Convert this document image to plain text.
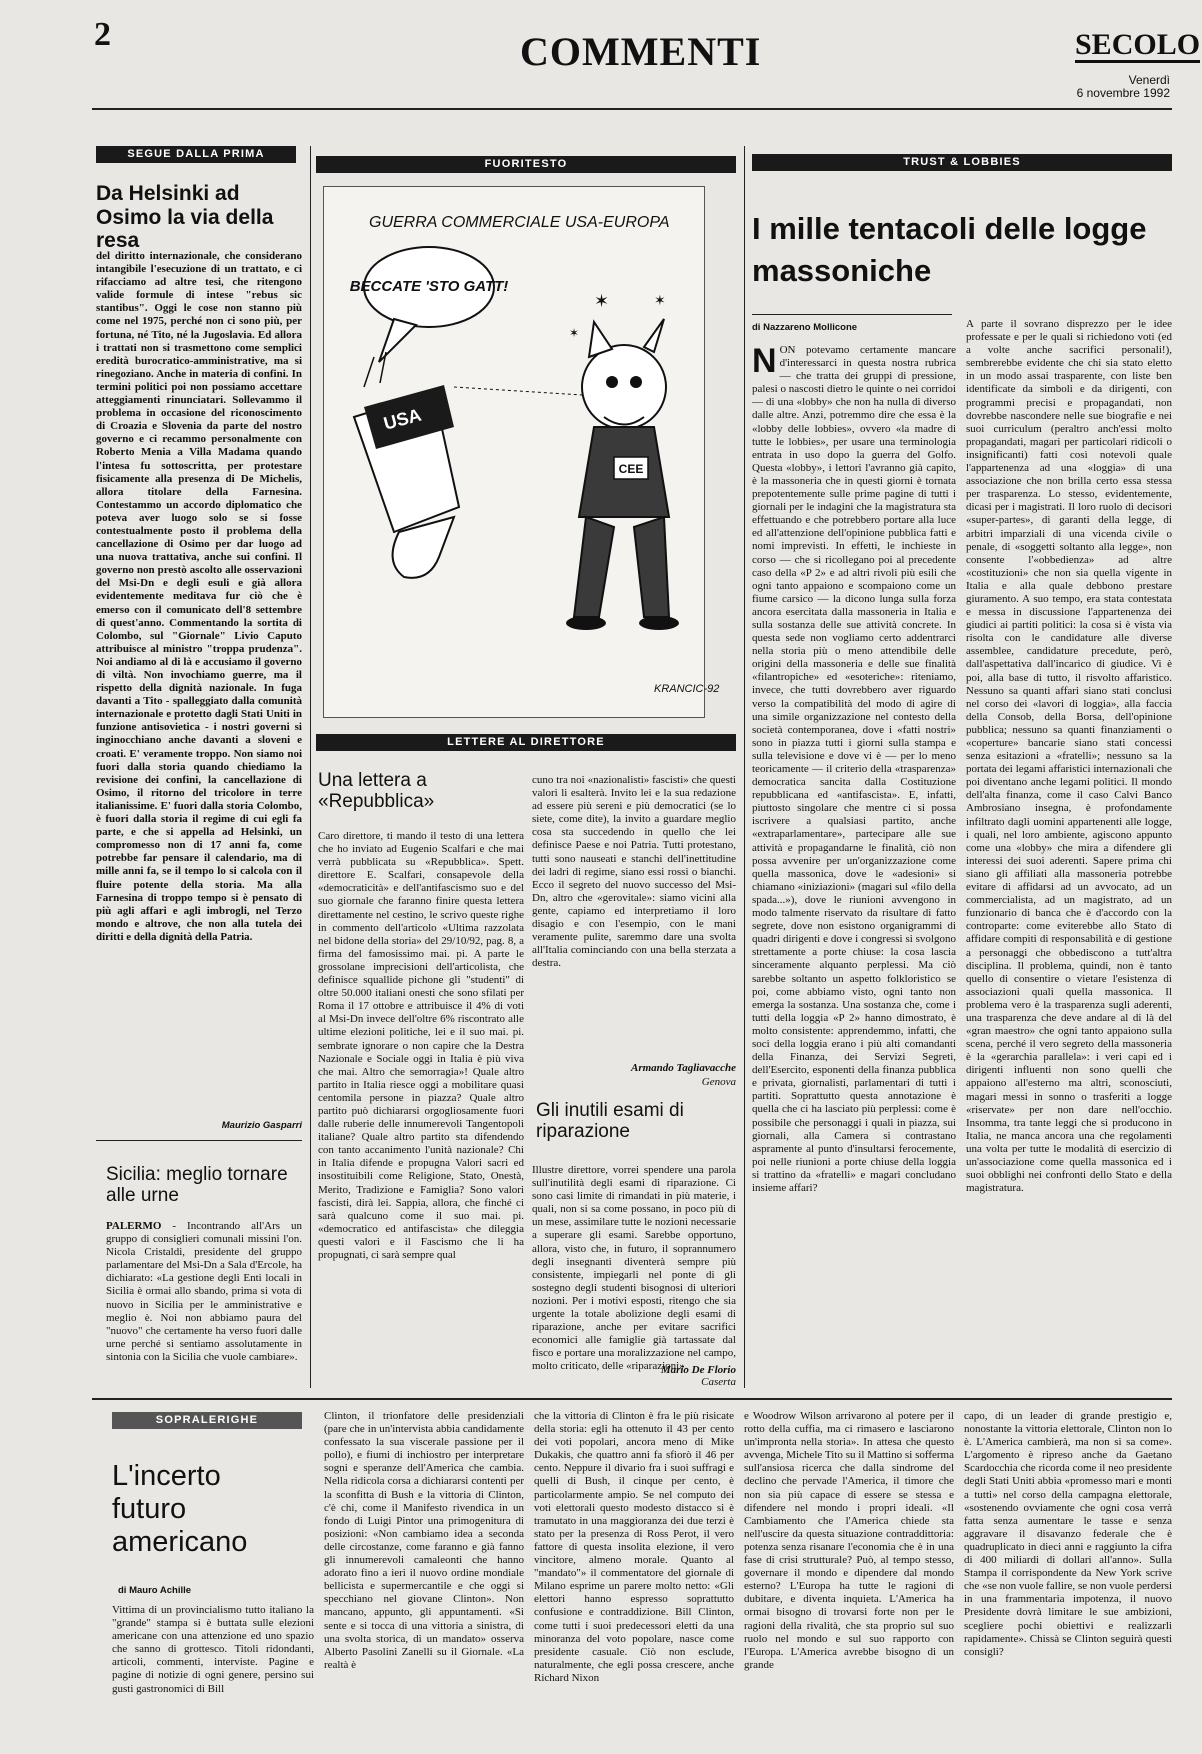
2	COMMENTI	SECOLO
Venerdì
6 novembre 1992
SEGUE DALLA PRIMA
Da Helsinki ad Osimo la via della resa
del diritto internazionale, che considerano intangibile l'esecuzione di un trattato, e ci rifacciamo ad altre tesi, che ritengono valide formule di intese "rebus sic stantibus". Oggi le cose non stanno più come nel 1975, perché non ci sono più, per fortuna, né Tito, né la Jugoslavia. Ed allora i trattati non si trasmettono come semplici eredità burocratico-amministrative, ma si rinegoziano. Anche in materia di confini. In termini politici poi non possiamo accettare atteggiamenti rinunciatari. Sollevammo il problema in occasione del riconoscimento di Croazia e Slovenia da parte del nostro governo e ci recammo personalmente con Roberto Menia a Villa Madama quando l'intesa fu sottoscritta, per protestare fisicamente alla presenza di De Michelis, allora titolare della Farnesina. Contestammo un accordo diplomatico che poteva aver luogo solo se si fosse contestualmente posto il problema della cancellazione di Osimo per dar luogo ad una nuova trattativa, anche sui confini. Il governo non prestò ascolto alle osservazioni del Msi-Dn e degli esuli e già allora evidentemente meditava fur ciò che è emerso con il comunicato dell'8 settembre di quest'anno. Commentando la sortita di Colombo, sul "Giornale" Livio Caputo attribuisce al ministro "troppa prudenza". Noi andiamo al di là e accusiamo il governo di viltà. Non invochiamo guerre, ma il rispetto della dignità nazionale. In fuga davanti a Tito - spalleggiato dalla comunità internazionale e protetto dagli Stati Uniti in funzione antisovietica - i nostri governi si inginocchiano anche davanti a sloveni e croati. E' veramente troppo. Non siamo noi fuori dalla storia quando chiediamo la revisione dei confini, la cancellazione di Osimo, il ritorno del tricolore in terre italianissime. E' fuori dalla storia Colombo, è fuori dalla storia il regime di cui egli fa parte, e che si appella ad Helsinki, un compromesso non di 17 anni fa, come potrebbe far pensare il calendario, ma di mille anni fa, se il tempo lo si calcola con il fluire potente della storia. Ma alla Farnesina di troppo tempo si è pensato di più agli affari e agli imbrogli, nel Terzo mondo e altrove, che non alla tutela dei diritti e della dignità della Patria.
Maurizio Gasparri
Sicilia: meglio tornare alle urne
PALERMO - Incontrando all'Ars un gruppo di consiglieri comunali missini l'on. Nicola Cristaldi, presidente del gruppo parlamentare del Msi-Dn a Sala d'Ercole, ha dichiarato: «La gestione degli Enti locali in Sicilia è ormai allo sbando, prima si vota di nuovo in Sicilia per le amministrative e meglio è. Noi non abbiamo paura del "nuovo" che certamente ha verso fuori dalle urne perché si sentiamo assolutamente in sintonia con la Sicilia che vuole cambiare».
FUORITESTO
GUERRA COMMERCIALE USA-EUROPA
BECCATE 'STO GATT!
USA
✶	✶
✶
CEE
KRANCIC-92
LETTERE AL DIRETTORE
Una lettera a «Repubblica»
Caro direttore, ti mando il testo di una lettera che ho inviato ad Eugenio Scalfari e che mai verrà pubblicata su «Repubblica». Spett. direttore E. Scalfari, consapevole della «democraticità» e dell'antifascismo suo e del suo giornale che faranno finire questa lettera direttamente nel cestino, le scrivo queste righe in commento dell'articolo «Ultima razzolata nel bidone della storia» del 29/10/92, pag. 8, a firma del famosissimo mai. pi. A parte le grossolane imprecisioni dell'articolista, che definisce squallide pichone gli "studenti" di oltre 50.000 italiani onesti che sono sfilati per Roma il 17 ottobre e attribuisce il 4% di voti al Msi-Dn invece dell'oltre 6% riscontrato alle ultime elezioni politiche, lei e il suo mai. pi. sembrate ignorare o non capire che la Destra Nazionale e Sociale oggi in Italia è più viva che mai. Altro che semorragia»! Quale altro partito in Italia riesce oggi a mobilitare quasi centomila persone in piazza? Quale altro partito può dichiararsi orgogliosamente fuori dalle ruberie delle innumerevoli Tangentopoli italiane? Quale altro partito sta difendendo con tanto accanimento l'unità nazionale? Chi in Italia difende e propugna Valori sacri ed insostituibili come Religione, Stato, Onestà, Merito, Tradizione e Famiglia? Sono valori fascisti, dirà lei. Sappia, allora, che finché ci sarà qualcuno come il suo mai. pi. «democratico ed antifascista» che dileggia questi valori e il Fascismo che li ha propugnati, ci sarà sempre qual
cuno tra noi «nazionalisti» fascisti» che questi valori li esalterà. Invito lei e la sua redazione ad essere più sereni e più democratici (se lo siete, come dite), la invito a guardare meglio cosa sta succedendo in quello che lei definisce Paese e noi Patria. Tutti protestano, tutti sono nauseati e stanchi dell'inettitudine dei ladri di regime, siano essi rossi o bianchi. Ecco il segreto del nuovo successo del Msi-Dn, altro che «gerovitale»: siamo vicini alla gente, capiamo ed interpretiamo il loro disagio e con l'esempio, con le mani veramente pulite, saremmo dare una svolta all'Italia cominciando con una bella sterzata a destra.
Armando Tagliavacche
Genova
Gli inutili esami di riparazione
Illustre direttore, vorrei spendere una parola sull'inutilità degli esami di riparazione. Ci sono casi limite di rimandati in più materie, i quali, non si sa come possano, in poco più di un mese, assimilare tutte le nozioni necessarie a superare gli esami. Sarebbe opportuno, allora, visto che, in futuro, il soprannumero degli insegnanti diventerà sempre più consistente, impiegarli nel ponte di gli sostegno degli studenti bisognosi di ulteriori nozioni. Per i motivi esposti, ritengo che sia urgente la totale abolizione degli esami di riparazione, anche per evitare sacrifici economici alle famiglie già tartassate dal fisco e portare una moralizzazione nel campo, molto criticato, delle «riparazioni».
Mario De Florio
Caserta
TRUST & LOBBIES
I mille tentacoli delle logge massoniche
di Nazzareno Mollicone
NON potevamo certamente mancare d'interessarci in questa nostra rubrica — che tratta dei gruppi di pressione, palesi o nascosti dietro le quinte o nei corridoi — di una «lobby» che non ha nulla di diverso dalle altre. Anzi, potremmo dire che essa è la «lobby delle lobbies», ovvero «la madre di tutte le lobbies», per usare una terminologia entrata in uso dopo la guerra del Golfo. Questa «lobby», i lettori l'avranno già capito, è la massoneria che in questi giorni è tornata prepotentemente sulle prime pagine di tutti i giornali per le indagini che la magistratura sta effettuando e che potrebbero portare alla luce ed all'attenzione dell'opinione pubblica fatti e nomi imprevisti. In effetti, le inchieste in corso — che si ricollegano poi al precedente caso della «P 2» e ad altri rivoli più esili che ogni tanto appaiono e scompaiono come un fiume carsico — la dicono lunga sulla forza ancora esercitata dalla massoneria in Italia e sulla sostanza delle sue attività concrete. In questa sede non vogliamo certo addentrarci nella storia più o meno attendibile delle origini della massoneria e delle sue finalità «filantropiche» ed «esoteriche»: riteniamo, invece, che tutti dovrebbero aver riguardo verso la compatibilità del modo di agire di una simile organizzazione nel contesto della società contemporanea, dove i «fatti nostri» sono in piazza tutti i giorni sulla stampa e sulla televisione e dove vi è — per lo meno teoricamente — il criterio della «trasparenza» democratica sancita dalla Costituzione repubblicana ed «antifascista». E, infatti, piuttosto singolare che mentre ci si possa iscrivere a qualsiasi partito, anche «extraparlamentare», partecipare alle sue attività e propagandarne le finalità, ciò non possa avvenire per un'organizzazione come quella massonica, dove le «adesioni» si chiamano «iniziazioni» (magari sul «filo della spada...»), dove le riunioni avvengono in modo talmente riservato da risultare di fatto segrete, dove non esistono organigrammi di quadri dirigenti e dove i congressi si svolgono strettamente a porte chiuse: la cosa lascia sinceramente alquanto perplessi. Ma ciò sarebbe soltanto un aspetto folkloristico se poi, come abbiamo visto, ogni tanto non emerga la sostanza. Una sostanza che, come i tutti della loggia «P 2» hanno dimostrato, è molto consistente: apprendemmo, infatti, che soci della loggia erano i più alti comandanti della Finanza, dei Servizi Segreti, dell'Esercito, esponenti della finanza pubblica e privata, giornalisti, parlamentari di tutti i partiti. Soprattutto questa annotazione è quella che ci ha lasciato più perplessi: come è possibile che personaggi i quali in piazza, sui giornali, alla Camera si contrastano aspramente al punto d'insultarsi ferocemente, poi nelle riunioni a porte chiuse della loggia si trattino da «fratelli» e magari concludano insieme affari?
A parte il sovrano disprezzo per le idee professate e per le quali si richiedono voti (ed a volte anche sacrifici personali!), sembrerebbe evidente che chi sia stato eletto in un modo assai trasparente, con liste ben identificate da simboli e da dirigenti, con programmi precisi e propagandati, non dovrebbe nascondere nelle sue biografie e nei suoi curriculum (peraltro anch'essi molto propagandati, magari per particolari ridicoli o insignificanti) fatti così notevoli quale l'appartenenza ad una «loggia» di una associazione che non brilla certo essa stessa per trasparenza. Lo stesso, evidentemente, dicasi per i magistrati. Il loro ruolo di decisori «super-partes», di garanti della legge, di arbitri imparziali di una vicenda civile o penale, di «soggetti soltanto alla legge», non consente l'«obbedienza» ad altre «costituzioni» che non sia quella vigente in Italia e alla quale debbono prestare giuramento. A suo tempo, era stata contestata e messa in discussione l'appartenenza dei giudici ai partiti politici: la cosa si è vista via risolta con le candidature alle diverse assemblee, candidature precedute, però, dall'aspettativa dall'incarico di giudice. Vi è poi, alla base di tutto, il risvolto affaristico. Nessuno sa quanti affari siano stati conclusi nel corso dei «lavori di loggia», alla faccia della Consob, della Borsa, dell'opinione pubblica; nessuno sa quanti finanziamenti o «coperture» bancarie siano stati concessi senza esitazioni a «fratelli»; nessuno sa la portata dei legami affaristici internazionali che poi diventano anche legami politici. Il mondo dell'alta finanza, come il caso Calvi Banco Ambrosiano insegna, è profondamente infiltrato dagli uomini appartenenti alle logge, i quali, nel loro ambiente, agiscono appunto come una «lobby» che mira a difendere gli interessi dei suoi aderenti. Sapere prima chi siano gli affiliati alla massoneria potrebbe evitare di affidarsi ad un avvocato, ad un commercialista, ad un magistrato, ad un funzionario di banca che è d'accordo con la controparte: come eviterebbe allo Stato di affidare compiti di responsabilità e di gestione a personaggi che obbediscono a tutt'altra disciplina. Il problema, quindi, non è tanto quello di consentire o vietare l'esistenza di associazioni quali quella massonica. Il problema vero è la trasparenza sugli aderenti, una trasparenza che deve andare al di là del «gran maestro» che ogni tanto appaiono sulla scena, perché il vero segreto della massoneria è la «gerarchia parallela»: i veri capi ed i dirigenti influenti non sono quelli che appaiono all'esterno ma altri, sconosciuti, magari messi in sonno o trasferiti a logge «riservate» per non dare nell'occhio. Insomma, tra tante leggi che si producono in Italia, ne manca ancora una che regolamenti una volta per tutte le modalità di esercizio di un'associazione come quella massonica ed i suoi obblighi nei confronti dello Stato e della magistratura.
SOPRALERIGHE
L'incerto futuro americano
di Mauro Achille
Vittima di un provincialismo tutto italiano la "grande" stampa si è buttata sulle elezioni americane con una attenzione ed uno spazio che sanno di grottesco. Titoli ridondanti, articoli, commenti, interviste. Pagine e pagine di notizie di ogni genere, persino sui gusti gastronomici di Bill
Clinton, il trionfatore delle presidenziali (pare che in un'intervista abbia candidamente confessato la sua viscerale passione per il pollo), e fiumi di inchiostro per interpretare sogni e speranze dell'America che cambia. Nella ridicola corsa a dichiararsi contenti per la sconfitta di Bush e la vittoria di Clinton, c'è chi, come il Manifesto rivendica in un fondo di Luigi Pintor una primogenitura di posizioni: «Non cambiamo idea a seconda delle circostanze, come faranno e già fanno gli innumerevoli camaleonti che hanno adorato fino a ieri il nuovo ordine mondiale bellicista e supermercantile e che oggi si specchiano nel giovane Clinton». Non mancano, appunto, gli appuntamenti. «Si sente e si tocca di una vittoria a sinistra, di una svolta storica, di un mandato» osserva Alberto Pasolini Zanelli su il Giornale. «La realtà è
che la vittoria di Clinton è fra le più risicate della storia: egli ha ottenuto il 43 per cento dei voti popolari, ancora meno di Mike Dukakis, che quattro anni fa sfiorò il 46 per cento. Neppure il divario fra i suoi suffragi e quelli di Bush, il cinque per cento, è particolarmente ampio. Se nel computo dei voti elettorali questo modesto distacco si è tramutato in una maggioranza dei due terzi è stato per la presenza di Ross Perot, il vero fattore di questa insolita elezione, il vero vincitore, almeno morale. Quanto al "mandato"» il commentatore del giornale di Milano esprime un parere molto netto: «Gli elettori hanno espresso soprattutto confusione e contraddizione. Bill Clinton, come tutti i suoi predecessori eletti da una minoranza del voto popolare, nasce come presidente casuale. Ciò non esclude, naturalmente, che egli possa crescere, anche Richard Nixon
e Woodrow Wilson arrivarono al potere per il rotto della cuffia, ma ci rimasero e lasciarono un'impronta nella storia». In attesa che questo avvenga, Michele Tito su il Mattino si sofferma sull'ansiosa ricerca che dalla sindrome del declino che pervade l'America, il timore che non sia più capace di essere se stessa e difendere nel mondo i propri ideali. «Il Cambiamento che l'America chiede sta nell'uscire da questa situazione contraddittoria: potenza senza risanare l'economia che è in una fase di crisi strutturale? Può, al tempo stesso, governare il mondo e dipendere dal mondo esterno? L'Europa ha tutte le ragioni di dubitare, e diventa inquieta. L'America ha ormai bisogno di trovarsi forte non per le ragioni della rivalità, che sta proprio sul suo ruolo nel mondo e sul suo rapporto con l'Europa. L'America avrebbe bisogno di un grande
capo, di un leader di grande prestigio e, nonostante la vittoria elettorale, Clinton non lo è. L'America cambierà, ma non si sa come». L'argomento è ripreso anche da Gaetano Scardocchia che ricorda come il neo presidente degli Stati Uniti abbia «promesso mari e monti a tutti» nel corso della campagna elettorale, «sostenendo ovviamente che ogni cosa verrà fatta senza aumentare le tasse e senza aggravare il disavanzo federale che è quadruplicato in dieci anni e raggiunto la cifra di 400 miliardi di dollari all'anno». Sulla Stampa il corrispondente da New York scrive che «se non vuole fallire, se non vuole perdersi in una frammentaria impotenza, il nuovo Presidente dovrà limitare le sue ambizioni, scegliere pochi obiettivi e realizzarli rapidamente». Chissà se Clinton seguirà questi consigli?
